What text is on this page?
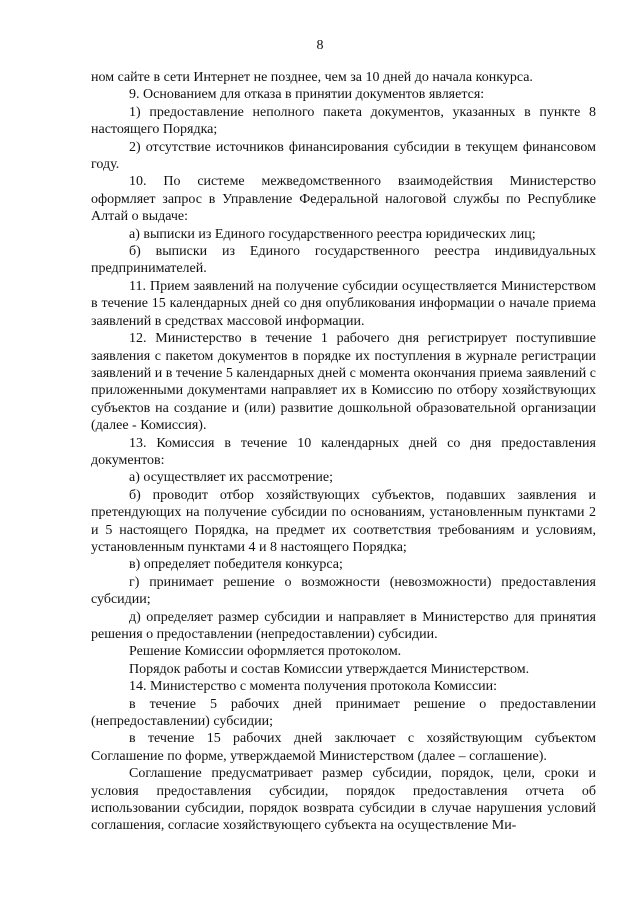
8

ном сайте в сети Интернет не позднее, чем за 10 дней до начала конкурса.

9. Основанием для отказа в принятии документов является:

1) предоставление неполного пакета документов, указанных в пункте 8 настоящего Порядка;

2) отсутствие источников финансирования субсидии в текущем финансовом году.

10. По системе межведомственного взаимодействия Министерство оформляет запрос в Управление Федеральной налоговой службы по Республике Алтай о выдаче:

а) выписки из Единого государственного реестра юридических лиц;

б) выписки из Единого государственного реестра индивидуальных предпринимателей.

11. Прием заявлений на получение субсидии осуществляется Министерством в течение 15 календарных дней со дня опубликования информации о начале приема заявлений в средствах массовой информации.

12. Министерство в течение 1 рабочего дня регистрирует поступившие заявления с пакетом документов в порядке их поступления в журнале регистрации заявлений и в течение 5 календарных дней с момента окончания приема заявлений с приложенными документами направляет их в Комиссию по отбору хозяйствующих субъектов на создание и (или) развитие дошкольной образовательной организации (далее - Комиссия).

13. Комиссия в течение 10 календарных дней со дня предоставления документов:

а) осуществляет их рассмотрение;

б) проводит отбор хозяйствующих субъектов, подавших заявления и претендующих на получение субсидии по основаниям, установленным пунктами 2 и 5 настоящего Порядка, на предмет их соответствия требованиям и условиям, установленным пунктами 4 и 8 настоящего Порядка;

в) определяет победителя конкурса;

г) принимает решение о возможности (невозможности) предоставления субсидии;

д) определяет размер субсидии и направляет в Министерство для принятия решения о предоставлении (непредоставлении) субсидии.

Решение Комиссии оформляется протоколом.

Порядок работы и состав Комиссии утверждается Министерством.

14. Министерство с момента получения протокола Комиссии:

в течение 5 рабочих дней принимает решение о предоставлении (непредоставлении) субсидии;

в течение 15 рабочих дней заключает с хозяйствующим субъектом Соглашение по форме, утверждаемой Министерством (далее – соглашение).

Соглашение предусматривает размер субсидии, порядок, цели, сроки и условия предоставления субсидии, порядок предоставления отчета об использовании субсидии, порядок возврата субсидии в случае нарушения условий соглашения, согласие хозяйствующего субъекта на осуществление Ми-
